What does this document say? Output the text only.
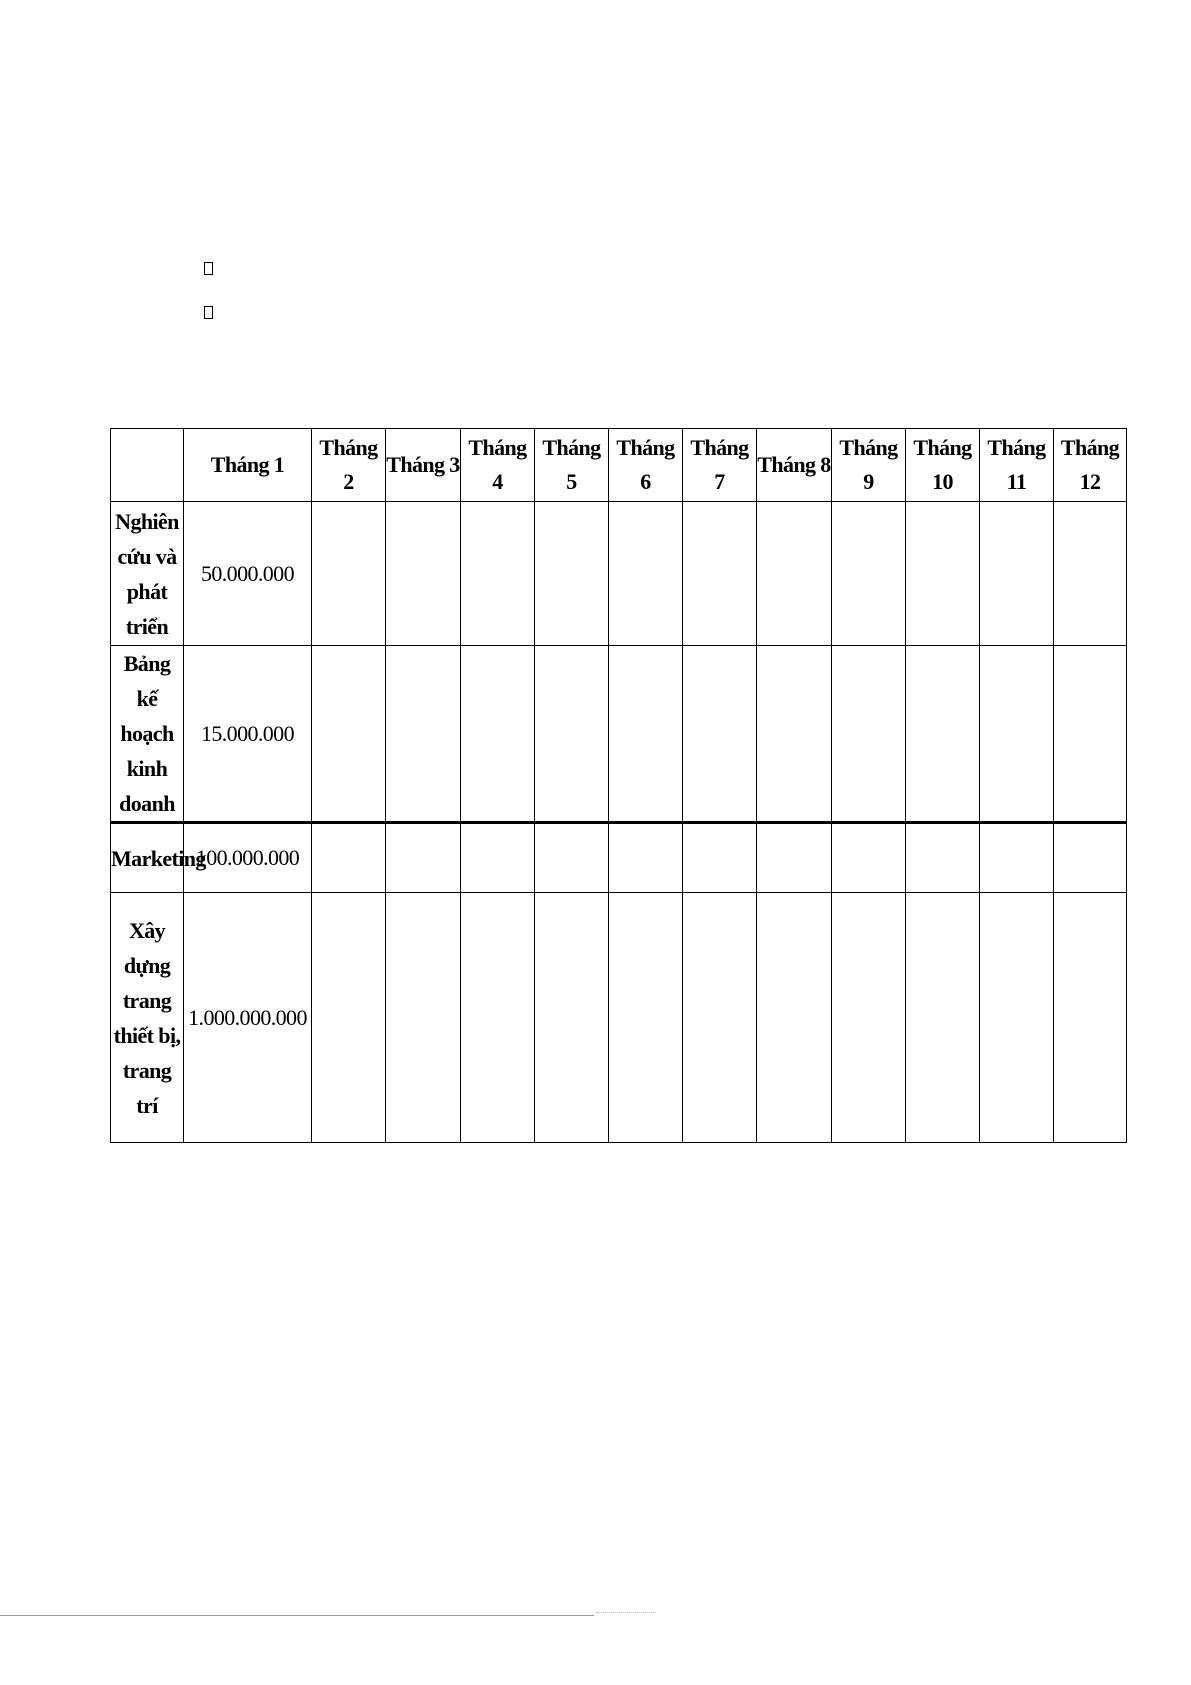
	Tháng 1	Tháng 2	Tháng 3	Tháng 4	Tháng 5	Tháng 6	Tháng 7	Tháng 8	Tháng 9	Tháng 10	Tháng 11	Tháng 12
Nghiên cứu và phát triển	50.000.000											
Bảng kế hoạch kinh doanh	15.000.000											
Marketing	100.000.000											
Xây dựng trang thiết bị, trang trí	1.000.000.000											
